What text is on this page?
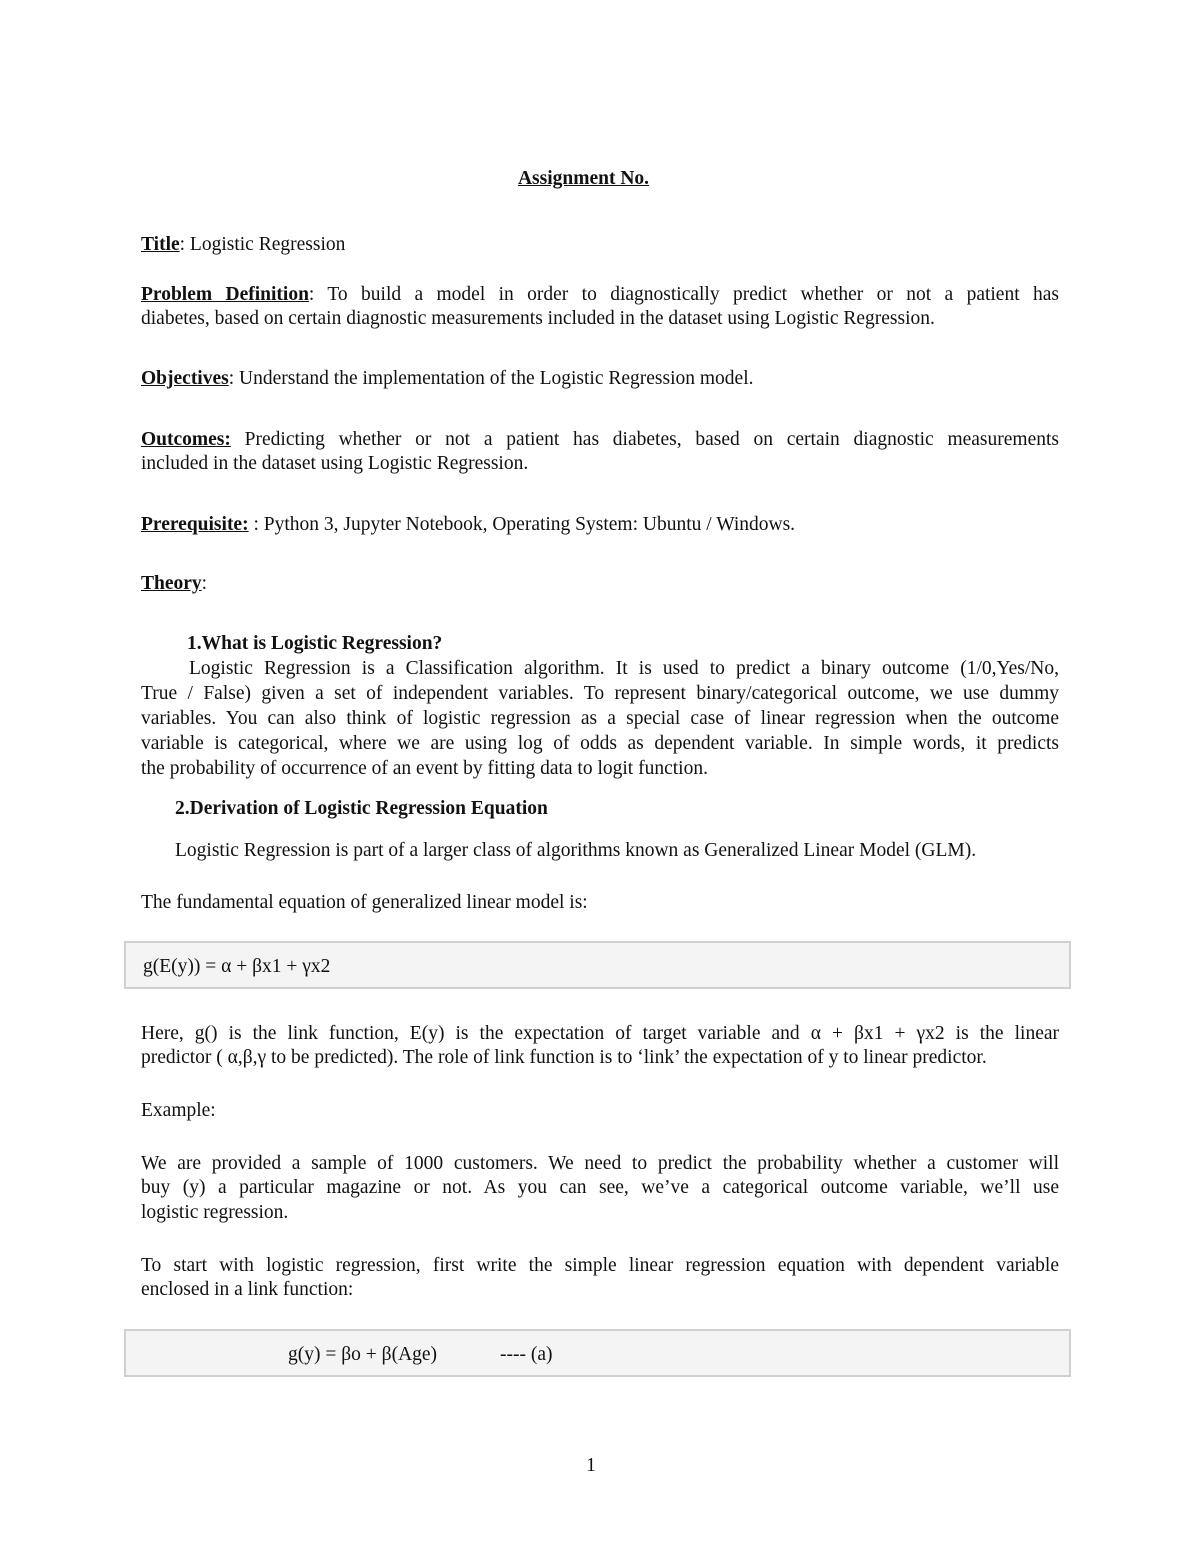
Assignment No.
Title: Logistic Regression
Problem Definition: To build a model in order to diagnostically predict whether or not a patient has
diabetes, based on certain diagnostic measurements included in the dataset using Logistic Regression.
Objectives: Understand the implementation of the Logistic Regression model.
Outcomes: Predicting whether or not a patient has diabetes, based on certain diagnostic measurements
included in the dataset using Logistic Regression.
Prerequisite: : Python 3, Jupyter Notebook, Operating System: Ubuntu / Windows.
Theory:
1.What is Logistic Regression?
Logistic Regression is a Classification algorithm. It is used to predict a binary outcome (1/0,Yes/No,
True / False) given a set of independent variables. To represent binary/categorical outcome, we use dummy
variables. You can also think of logistic regression as a special case of linear regression when the outcome
variable is categorical, where we are using log of odds as dependent variable. In simple words, it predicts
the probability of occurrence of an event by fitting data to logit function.
2.Derivation of Logistic Regression Equation
Logistic Regression is part of a larger class of algorithms known as Generalized Linear Model (GLM).
The fundamental equation of generalized linear model is:
g(E(y)) = α + βx1 + γx2
Here, g() is the link function, E(y) is the expectation of target variable and α + βx1 + γx2 is the linear
predictor ( α,β,γ to be predicted). The role of link function is to ‘link’ the expectation of y to linear predictor.
Example:
We are provided a sample of 1000 customers. We need to predict the probability whether a customer will
buy (y) a particular magazine or not. As you can see, we’ve a categorical outcome variable, we’ll use
logistic regression.
To start with logistic regression, first write the simple linear regression equation with dependent variable
enclosed in a link function:
g(y) = βo + β(Age)	---- (a)
1
